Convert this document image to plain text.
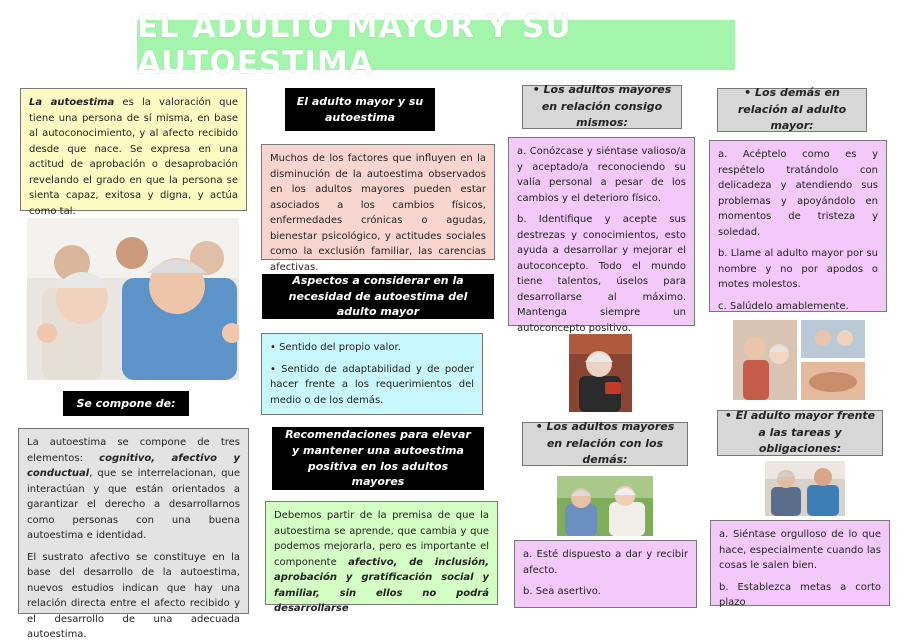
EL ADULTO MAYOR Y SU AUTOESTIMA

La autoestima es la valoración que tiene una persona de sí misma, en base al autoconocimiento, y al afecto recibido desde que nace. Se expresa en una actitud de aprobación o desaprobación revelando el grado en que la persona se sienta capaz, exitosa y digna, y actúa como tal.

Se compone de:

La autoestima se compone de tres elementos: cognitivo, afectivo y conductual, que se interrelacionan, que interactúan y que están orientados a garantizar el derecho a desarrollarnos como personas con una buena autoestima e identidad.

El sustrato afectivo se constituye en la base del desarrollo de la autoestima, nuevos estudios indican que hay una relación directa entre el afecto recibido y el desarrollo de una adecuada autoestima.

El adulto mayor y su autoestima

Muchos de los factores que influyen en la disminución de la autoestima observados en los adultos mayores pueden estar asociados a los cambios físicos, enfermedades crónicas o agudas, bienestar psicológico, y actitudes sociales como la exclusión familiar, las carencias afectivas.

Aspectos a considerar en la necesidad de autoestima del adulto mayor

• Sentido del propio valor.

• Sentido de adaptabilidad y de poder hacer frente a los requerimientos del medio o de los demás.

Recomendaciones para elevar y mantener una autoestima positiva en los adultos mayores

Debemos partir de la premisa de que la autoestima se aprende, que cambia y que podemos mejorarla, pero es importante el componente afectivo, de inclusión, aprobación y gratificación social y familiar, sin ellos no podrá desarrollarse

• Los adultos mayores en relación consigo mismos:

a. Conózcase y siéntase valioso/a y aceptado/a reconociendo su valía personal a pesar de los cambios y el deterioro físico.

b. Identifique y acepte sus destrezas y conocimientos, esto ayuda a desarrollar y mejorar el autoconcepto. Todo el mundo tiene talentos, úselos para desarrollarse al máximo. Mantenga siempre un autoconcepto positivo.

• Los adultos mayores en relación con los demás:

a. Esté dispuesto a dar y recibir afecto.

b. Sea asertivo.

• Los demás en relación al adulto mayor:

a. Acéptelo como es y respételo tratándolo con delicadeza y atendiendo sus problemas y apoyándolo en momentos de tristeza y soledad.

b. Llame al adulto mayor por su nombre y no por apodos o motes molestos.

c. Salúdelo amablemente.

• El adulto mayor frente a las tareas y obligaciones:

a. Siéntase orgulloso de lo que hace, especialmente cuando las cosas le salen bien.

b. Establezca metas a corto plazo
